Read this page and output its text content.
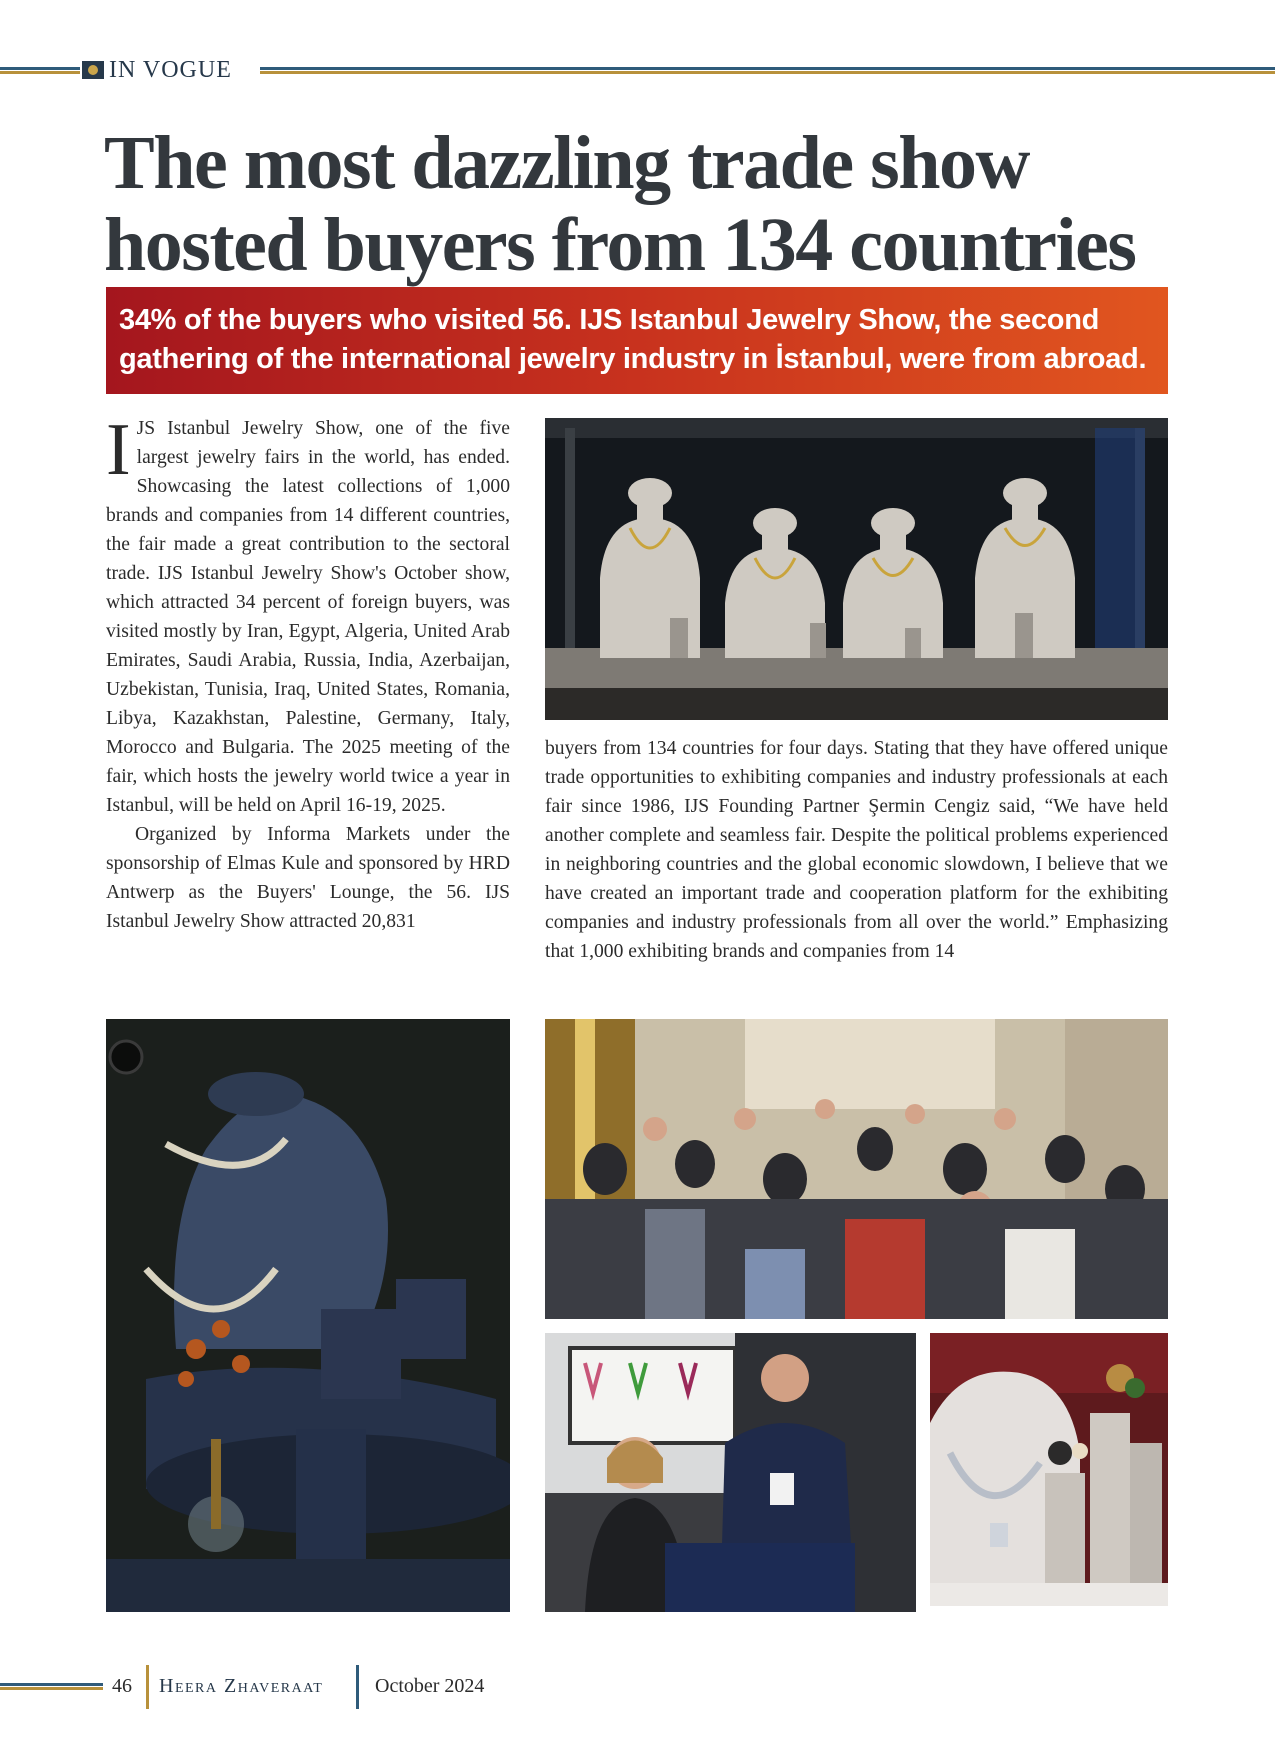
IN VOGUE
The most dazzling trade show
hosted buyers from 134 countries

34% of the buyers who visited 56. IJS Istanbul Jewelry Show, the second
gathering of the international jewelry industry in İstanbul, were from abroad.

IJS Istanbul Jewelry Show, one of the five largest jewelry fairs in the world, has ended. Showcasing the latest collections of 1,000 brands and companies from 14 different countries, the fair made a great contribution to the sectoral trade. IJS Istanbul Jewelry Show's October show, which attracted 34 percent of foreign buyers, was visited mostly by Iran, Egypt, Algeria, United Arab Emirates, Saudi Arabia, Russia, India, Azerbaijan, Uzbekistan, Tunisia, Iraq, United States, Romania, Libya, Kazakhstan, Palestine, Germany, Italy, Morocco and Bulgaria. The 2025 meeting of the fair, which hosts the jewelry world twice a year in Istanbul, will be held on April 16-19, 2025.

Organized by Informa Markets under the sponsorship of Elmas Kule and sponsored by HRD Antwerp as the Buyers' Lounge, the 56. IJS Istanbul Jewelry Show attracted 20,831

buyers from 134 countries for four days. Stating that they have offered unique trade opportunities to exhibiting companies and industry professionals at each fair since 1986, IJS Founding Partner Şermin Cengiz said, “We have held another complete and seamless fair. Despite the political problems experienced in neighboring countries and the global economic slowdown, I believe that we have created an important trade and cooperation platform for the exhibiting companies and industry professionals from all over the world.” Emphasizing that 1,000 exhibiting brands and companies from 14

46 Heera Zhaveraat	October 2024
